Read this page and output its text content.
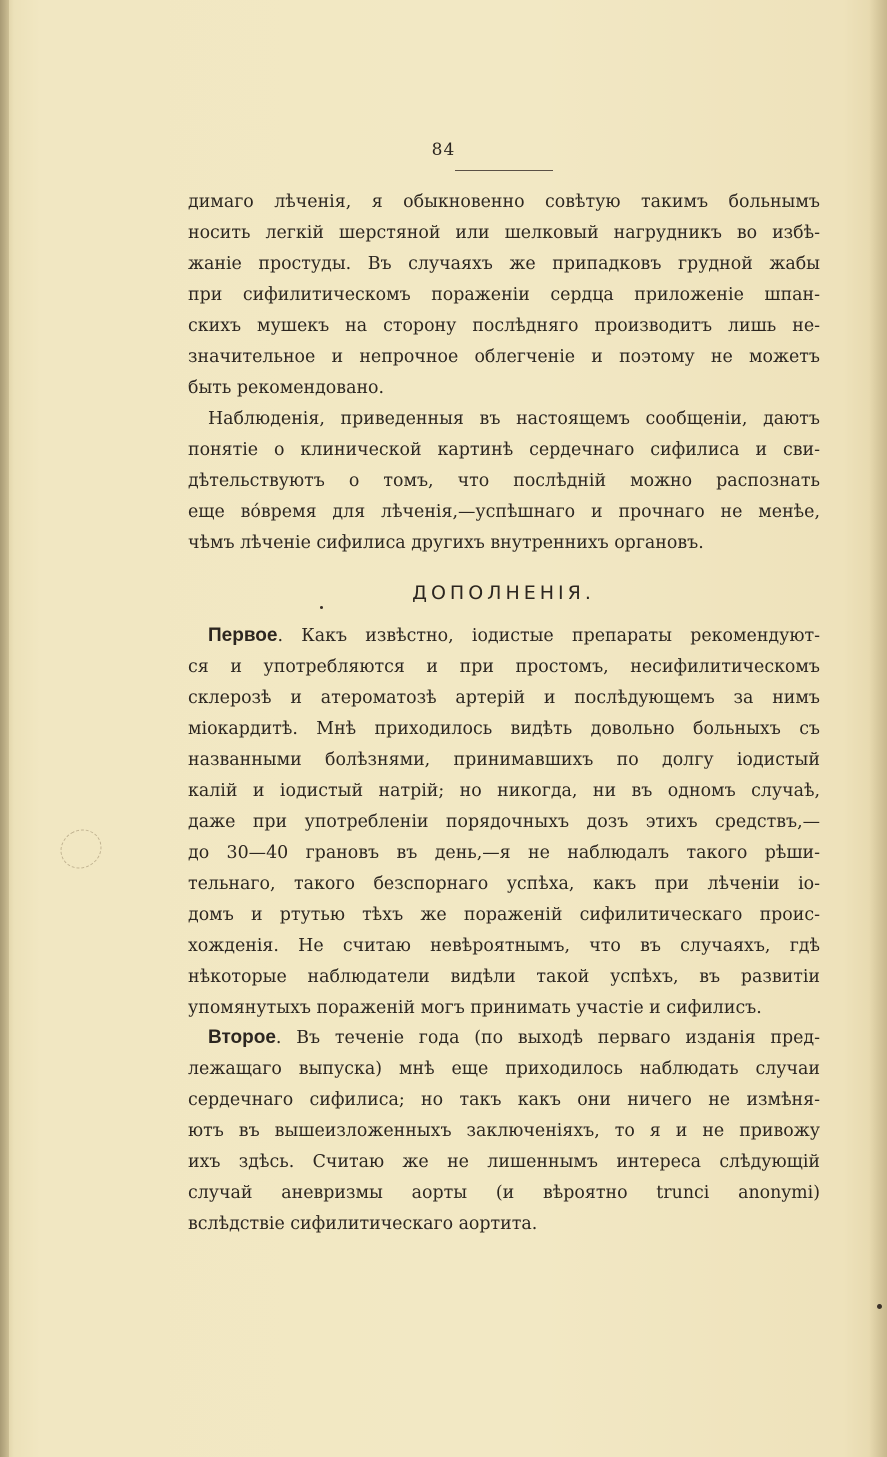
84

димаго лѣченія, я обыкновенно совѣтую такимъ больнымъ
носить легкій шерстяной или шелковый нагрудникъ во избѣ-
жаніе простуды. Въ случаяхъ же припадковъ грудной жабы
при сифилитическомъ пораженіи сердца приложеніе шпан-
скихъ мушекъ на сторону послѣдняго производитъ лишь не-
значительное и непрочное облегченіе и поэтому не можетъ
быть рекомендовано.

Наблюденія, приведенныя въ настоящемъ сообщеніи, даютъ
понятіе о клинической картинѣ сердечнаго сифилиса и сви-
дѣтельствуютъ о томъ, что послѣдній можно распознать
еще вóвремя для лѣченія,—успѣшнаго и прочнаго не менѣе,
чѣмъ лѣченіе сифилиса другихъ внутреннихъ органовъ.

ДОПОЛНЕНІЯ.

Первое. Какъ извѣстно, іодистые препараты рекомендуют-
ся и употребляются и при простомъ, несифилитическомъ
склерозѣ и атероматозѣ артерій и послѣдующемъ за нимъ
міокардитѣ. Мнѣ приходилось видѣть довольно больныхъ съ
названными болѣзнями, принимавшихъ по долгу іодистый
калій и іодистый натрій; но никогда, ни въ одномъ случаѣ,
даже при употребленіи порядочныхъ дозъ этихъ средствъ,—
до 30—40 грановъ въ день,—я не наблюдалъ такого рѣши-
тельнаго, такого безспорнаго успѣха, какъ при лѣченіи іо-
домъ и ртутью тѣхъ же пораженій сифилитическаго проис-
хожденія. Не считаю невѣроятнымъ, что въ случаяхъ, гдѣ
нѣкоторые наблюдатели видѣли такой успѣхъ, въ развитіи
упомянутыхъ пораженій могъ принимать участіе и сифилисъ.

Второе. Въ теченіе года (по выходѣ перваго изданія пред-
лежащаго выпуска) мнѣ еще приходилось наблюдать случаи
сердечнаго сифилиса; но такъ какъ они ничего не измѣня-
ютъ въ вышеизложенныхъ заключеніяхъ, то я и не привожу
ихъ здѣсь. Считаю же не лишеннымъ интереса слѣдующій
случай аневризмы аорты (и вѣроятно trunci anonymi)
вслѣдствіе сифилитическаго аортита.
